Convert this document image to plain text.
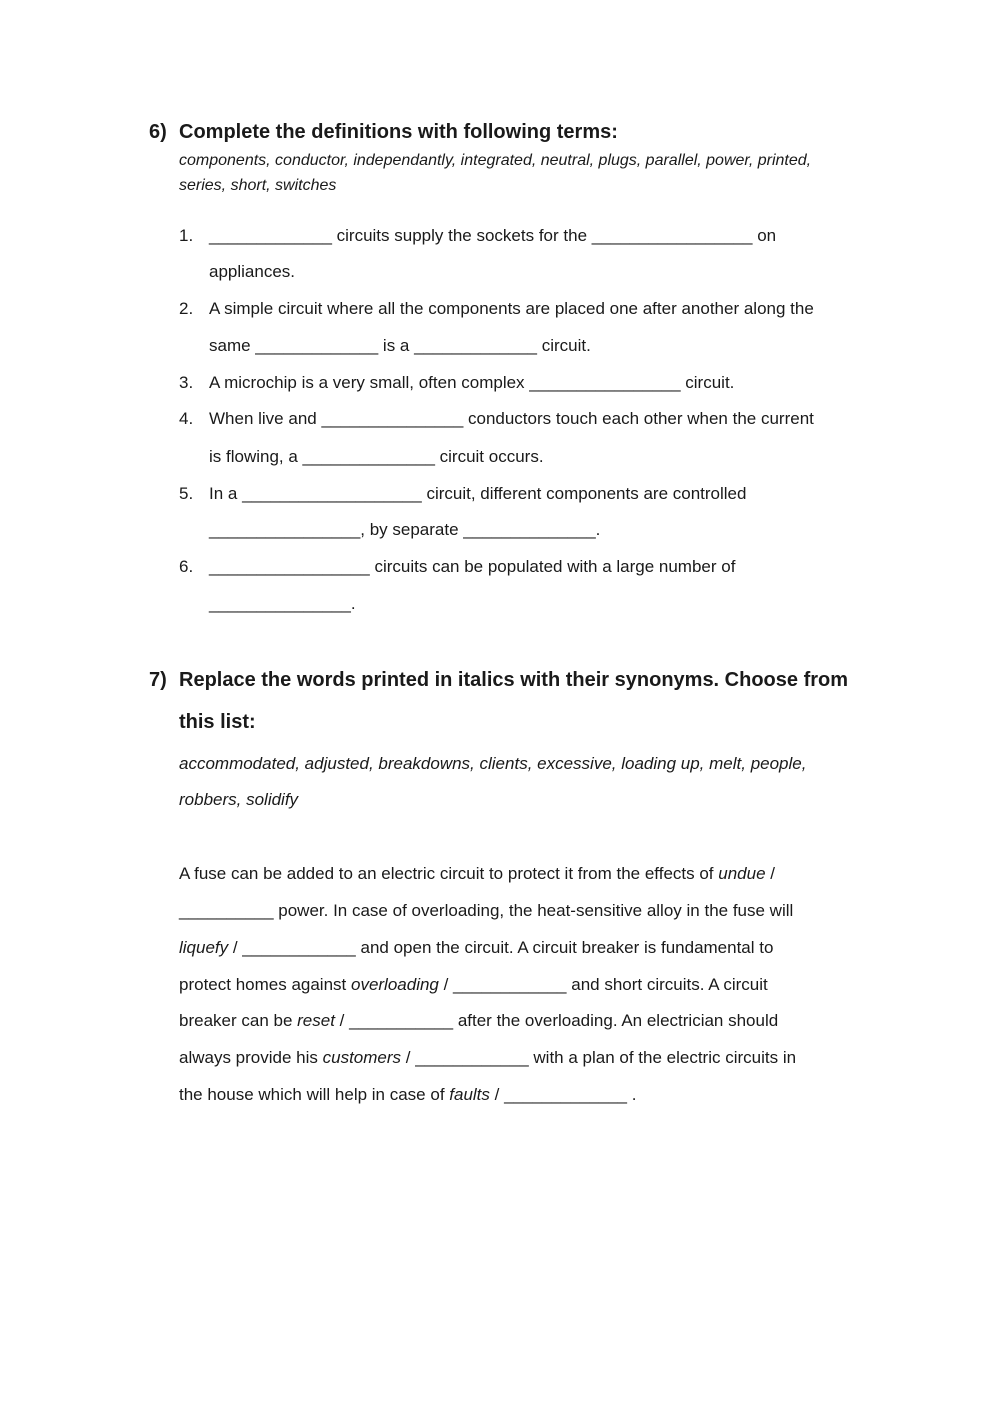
6) Complete the definitions with following terms:
components, conductor, independantly, integrated, neutral, plugs, parallel, power, printed,
series, short, switches
1. _____________ circuits supply the sockets for the _________________ on
appliances.
2. A simple circuit where all the components are placed one after another along the
same _____________ is a _____________ circuit.
3. A microchip is a very small, often complex ________________ circuit.
4. When live and _______________ conductors touch each other when the current
is flowing, a ______________ circuit occurs.
5. In a ___________________ circuit, different components are controlled
________________, by separate ______________.
6. _________________ circuits can be populated with a large number of
_______________.
7) Replace the words printed in italics with their synonyms. Choose from
this list:
accommodated, adjusted, breakdowns, clients, excessive, loading up, melt, people,
robbers, solidify
A fuse can be added to an electric circuit to protect it from the effects of undue /
__________ power. In case of overloading, the heat-sensitive alloy in the fuse will
liquefy / ____________ and open the circuit. A circuit breaker is fundamental to
protect homes against overloading / ____________ and short circuits. A circuit
breaker can be reset / ___________ after the overloading. An electrician should
always provide his customers / ____________ with a plan of the electric circuits in
the house which will help in case of faults / _____________ .
